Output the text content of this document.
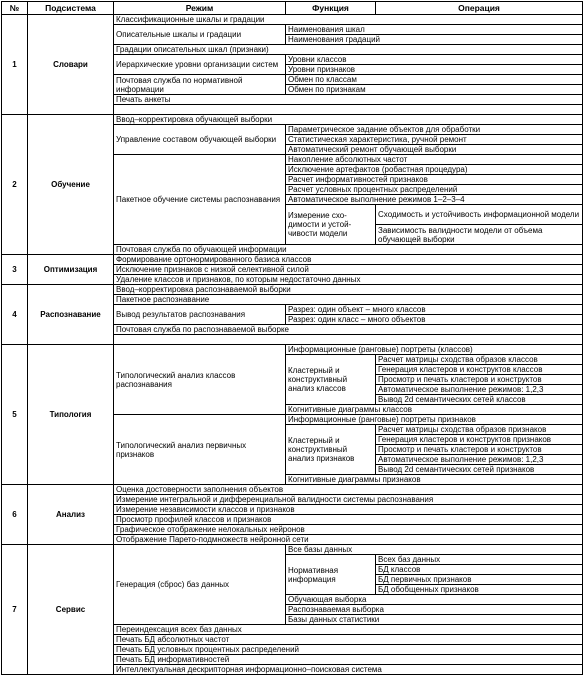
№	Подсистема	Режим	Функция	Операция
1	Словари	Классификационные шкалы и градации		
		Описательные шкалы и градации	Наименования шкал	
			Наименования градаций	
		Градации описательных шкал (признаки)		
		Иерархические уровни организации систем	Уровни классов	
			Уровни признаков	
		Почтовая служба по нормативной информации	Обмен по классам	
			Обмен по признакам	
		Печать анкеты		

2	Обучение	Ввод–корректировка обучающей выборки		
		Управление составом обучающей выборки	Параметрическое задание объектов для обработки	
			Статистическая характеристика, ручной ремонт	
			Автоматический ремонт обучающей выборки	
		Пакетное обучение системы распознавания	Накопление абсолютных частот	
			Исключение артефактов (робастная процедура)	
			Расчет информативностей признаков	
			Расчет условных процентных распределений	
			Автоматическое выполнение режимов 1–2–3–4	
			Измерение схо-димости и устой-чивости модели	Сходимость и устойчивость информационной модели

				Зависимость валидности модели от объема обучающей выборки

		Почтовая служба по обучающей информации		
3	Оптимизация	Формирование ортонормированного базиса классов		
		Исключение признаков с низкой селективной силой		
		Удаление классов и признаков, по которым недостаточно данных		
4	Распознавание	Ввод–корректировка распознаваемой выборки		
		Пакетное распознавание		
		Вывод результатов распознавания	Разрез: один объект – много классов	
			Разрез: один класс – много объектов	
		Почтовая служба по распознаваемой выборке		

5	Типология	Типологический анализ классов распознавания	Информационные (ранговые) портреты (классов)	
			Кластерный и конструктивный анализ классов	Расчет матрицы сходства образов классов
				Генерация кластеров и конструктов классов
				Просмотр и печать кластеров и конструктов
				Автоматическое выполнение режимов: 1,2,3
				Вывод 2d семантических сетей классов
			Когнитивные диаграммы классов	
		Типологический анализ первичных признаков	Информационные (ранговые) портреты признаков	
			Кластерный и конструктивный анализ признаков	Расчет матрицы сходства образов признаков
				Генерация кластеров и конструктов признаков
				Просмотр и печать кластеров и конструктов
				Автоматическое выполнение режимов: 1,2,3
				Вывод 2d семантических сетей признаков
			Когнитивные диаграммы признаков	
6	Анализ	Оценка достоверности заполнения объектов		
		Измерение интегральной и дифференциальной валидности системы распознавания		
		Измерение независимости классов и признаков		
		Просмотр профилей классов и признаков		
		Графическое отображение нелокальных нейронов		
		Отображение Парето-подмножеств нейронной сети		
7	Сервис	Генерация (сброс) баз данных	Все базы данных	
			Нормативная информация	Всех баз данных
				БД классов
				БД первичных признаков
				БД обобщенных признаков
			Обучающая выборка	
			Распознаваемая выборка	
			Базы данных статистики	
		Переиндексация всех баз данных		
		Печать БД абсолютных частот		
		Печать БД условных процентных распределений		
		Печать БД информативностей		
		Интеллектуальная дескрипторная информационно–поисковая система		
